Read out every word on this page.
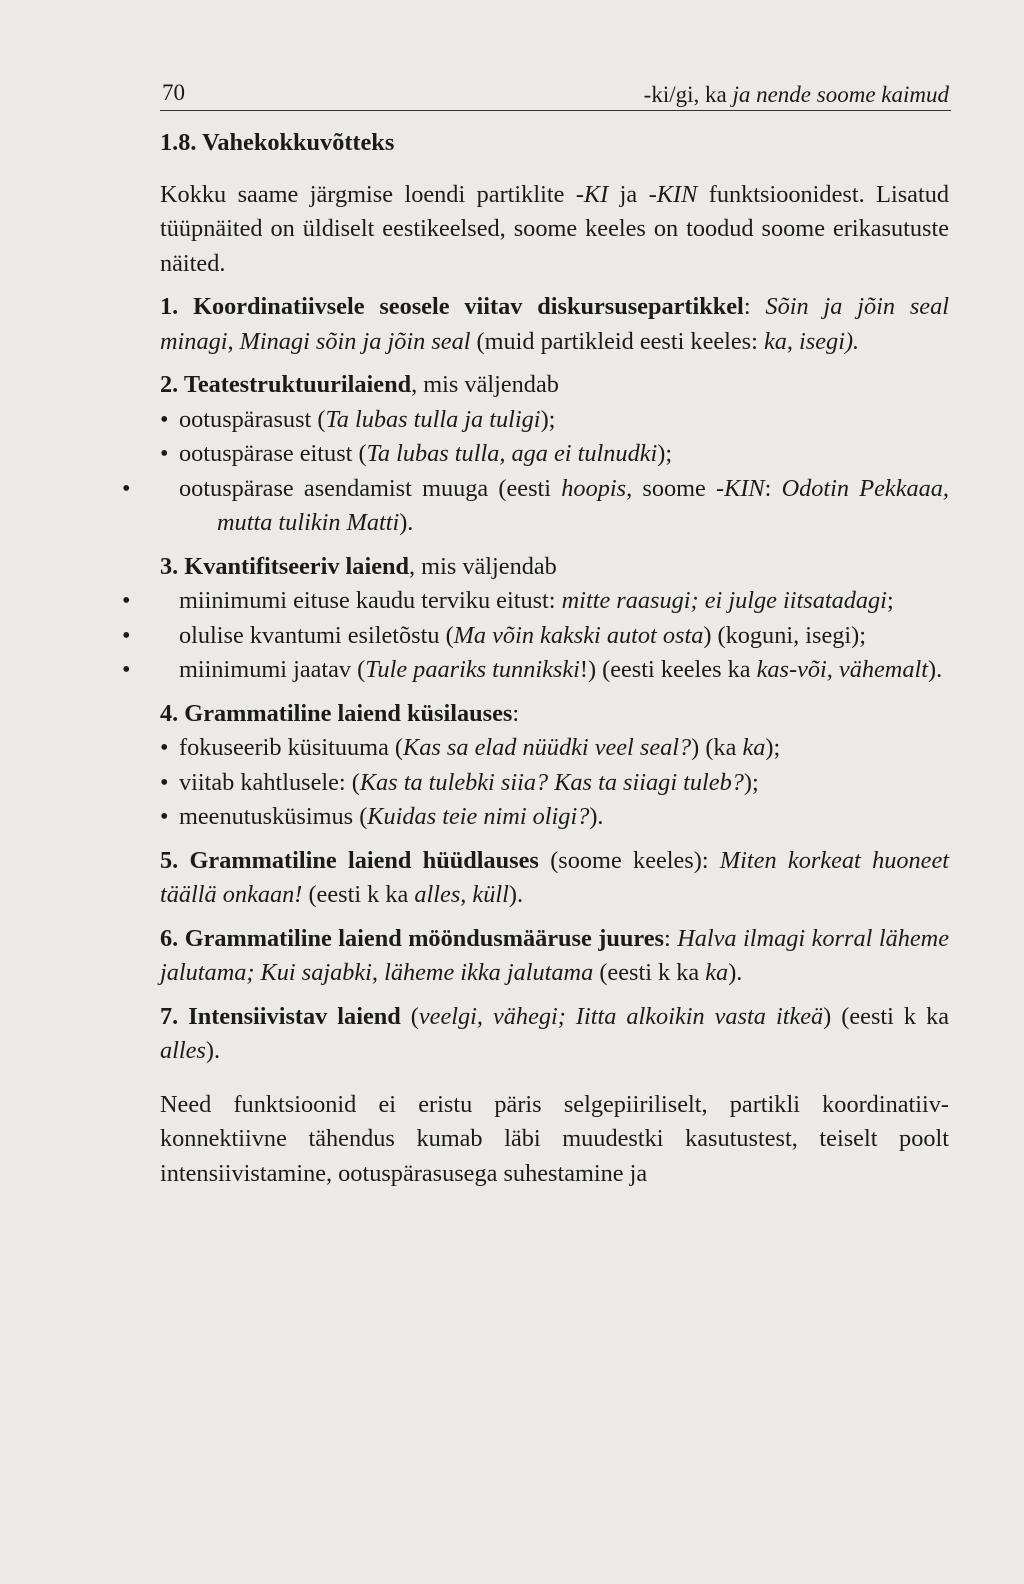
70	-ki/gi, ka ja nende soome kaimud

1.8. Vahekokkuvõtteks

Kokku saame järgmise loendi partiklite -KI ja -KIN funktsioonidest. Lisatud tüüpnäited on üldiselt eestikeelsed, soome keeles on toodud soome erikasutuste näited.

1. Koordinatiivsele seosele viitav diskursusepartikkel: Sõin ja jõin seal minagi, Minagi sõin ja jõin seal (muid partikleid eesti keeles: ka, isegi).

2. Teatestruktuurilaiend, mis väljendab

• ootuspärasust (Ta lubas tulla ja tuligi);

• ootuspärase eitust (Ta lubas tulla, aga ei tulnudki);

• ootuspärase asendamist muuga (eesti hoopis, soome -KIN: Odotin Pekkaaa, mutta tulikin Matti).

3. Kvantifitseeriv laiend, mis väljendab

• miinimumi eituse kaudu terviku eitust: mitte raasugi; ei julge iitsatadagi;

• olulise kvantumi esiletõstu (Ma võin kakski autot osta) (koguni, isegi);

• miinimumi jaatav (Tule paariks tunnikski!) (eesti keeles ka kas-või, vähemalt).

4. Grammatiline laiend küsilauses:

• fokuseerib küsituuma (Kas sa elad nüüdki veel seal?) (ka ka);

• viitab kahtlusele: (Kas ta tulebki siia? Kas ta siiagi tuleb?);

• meenutusküsimus (Kuidas teie nimi oligi?).

5. Grammatiline laiend hüüdlauses (soome keeles): Miten korkeat huoneet täällä onkaan! (eesti k ka alles, küll).

6. Grammatiline laiend mööndusmääruse juures: Halva ilmagi korral läheme jalutama; Kui sajabki, läheme ikka jalutama (eesti k ka ka).

7. Intensiivistav laiend (veelgi, vähegi; Iitta alkoikin vasta itkeä) (eesti k ka alles).

Need funktsioonid ei eristu päris selgepiiriliselt, partikli koordinatiiv-konnektiivne tähendus kumab läbi muudestki kasutustest, teiselt poolt intensiivistamine, ootuspärasusega suhestamine ja
